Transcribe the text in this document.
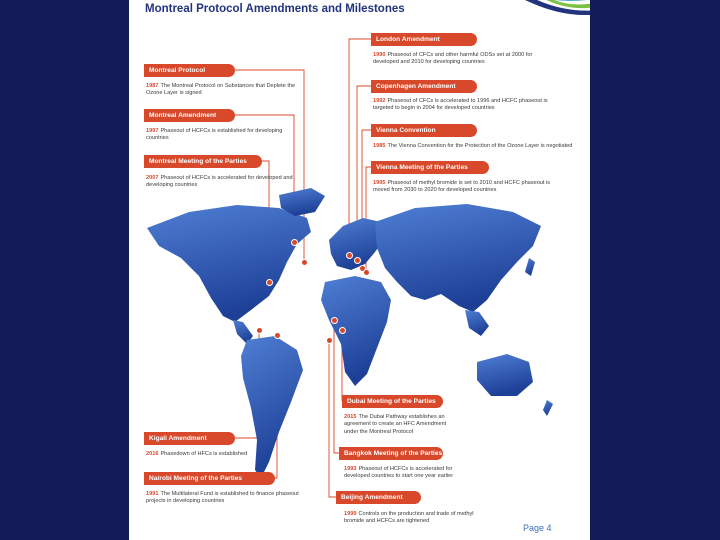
Montreal Protocol Amendments and Milestones
London Amendment
1990 Phaseout of CFCs and other harmful ODSs set at 2000 for developed and 2010 for developing countries
Montreal Protocol
1987 The Montreal Protocol on Substances that Deplete the Ozone Layer is signed
Copenhagen Amendment
1992 Phaseout of CFCs is accelerated to 1996 and HCFC phaseout is targeted to begin in 2004 for developed countries
Montreal Amendment
1997 Phaseout of HCFCs is established for developing countries
Vienna Convention
1985 The Vienna Convention for the Protection of the Ozone Layer is negotiated
Montreal Meeting of the Parties
2007 Phaseout of HCFCs is accelerated for developed and developing countries
Vienna Meeting of the Parties
1995 Phaseout of methyl bromide is set to 2010 and HCFC phaseout is moved from 2030 to 2020 for developed countries
Dubai Meeting of the Parties
2015 The Dubai Pathway establishes an agreement to create an HFC Amendment under the Montreal Protocol
Kigali Amendment
2016 Phasedown of HFCs is established	Bangkok Meeting of the Parties
1993 Phaseout of HCFCs is accelerated for developed countries to start one year earlier
Nairobi Meeting of the Parties
1991 The Multilateral Fund is established to finance phaseout projects in developing countries
Beijing Amendment
1999 Controls on the production and trade of methyl bromide and HCFCs are tightened
Page 4
